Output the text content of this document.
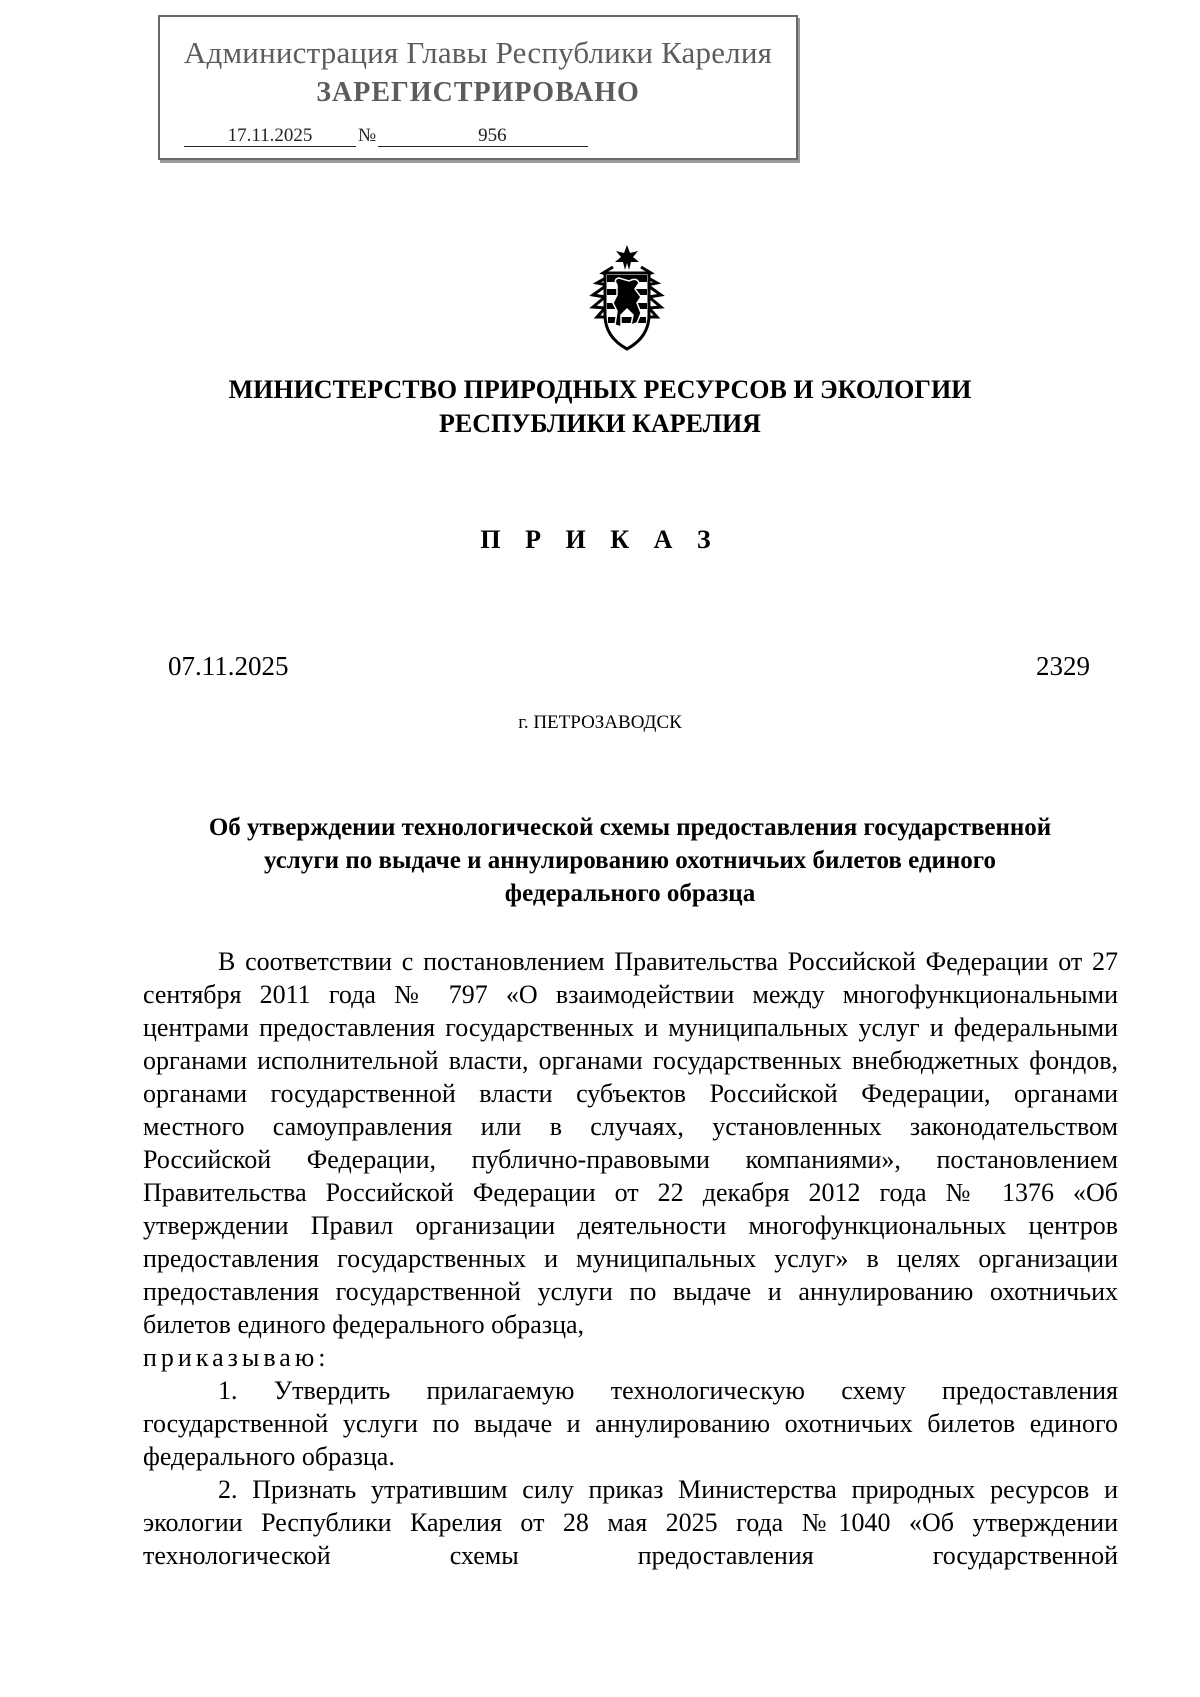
Администрация Главы Республики Карелия
ЗАРЕГИСТРИРОВАНО
17.11.2025 №	956
МИНИСТЕРСТВО ПРИРОДНЫХ РЕСУРСОВ И ЭКОЛОГИИ
РЕСПУБЛИКИ КАРЕЛИЯ
П Р И К А З
07.11.2025	2329
г. ПЕТРОЗАВОДСК
Об утверждении технологической схемы предоставления государственной
услуги по выдаче и аннулированию охотничьих билетов единого
федерального образца

В соответствии с постановлением Правительства Российской Федерации от 27 сентября 2011 года № 797 «О взаимодействии между многофункциональными центрами предоставления государственных и муниципальных услуг и федеральными органами исполнительной власти, органами государственных внебюджетных фондов, органами государственной власти субъектов Российской Федерации, органами местного самоуправления или в случаях, установленных законодательством Российской Федерации, публично-правовыми компаниями», постановлением Правительства Российской Федерации от 22 декабря 2012 года № 1376 «Об утверждении Правил организации деятельности многофункциональных центров предоставления государственных и муниципальных услуг» в целях организации предоставления государственной услуги по выдаче и аннулированию охотничьих билетов единого федерального образца,
приказываю:

1. Утвердить прилагаемую технологическую схему предоставления государственной услуги по выдаче и аннулированию охотничьих билетов единого федерального образца.

2. Признать утратившим силу приказ Министерства природных ресурсов и экологии Республики Карелия от 28 мая 2025 года №1040 «Об утверждении технологической схемы предоставления государственной
